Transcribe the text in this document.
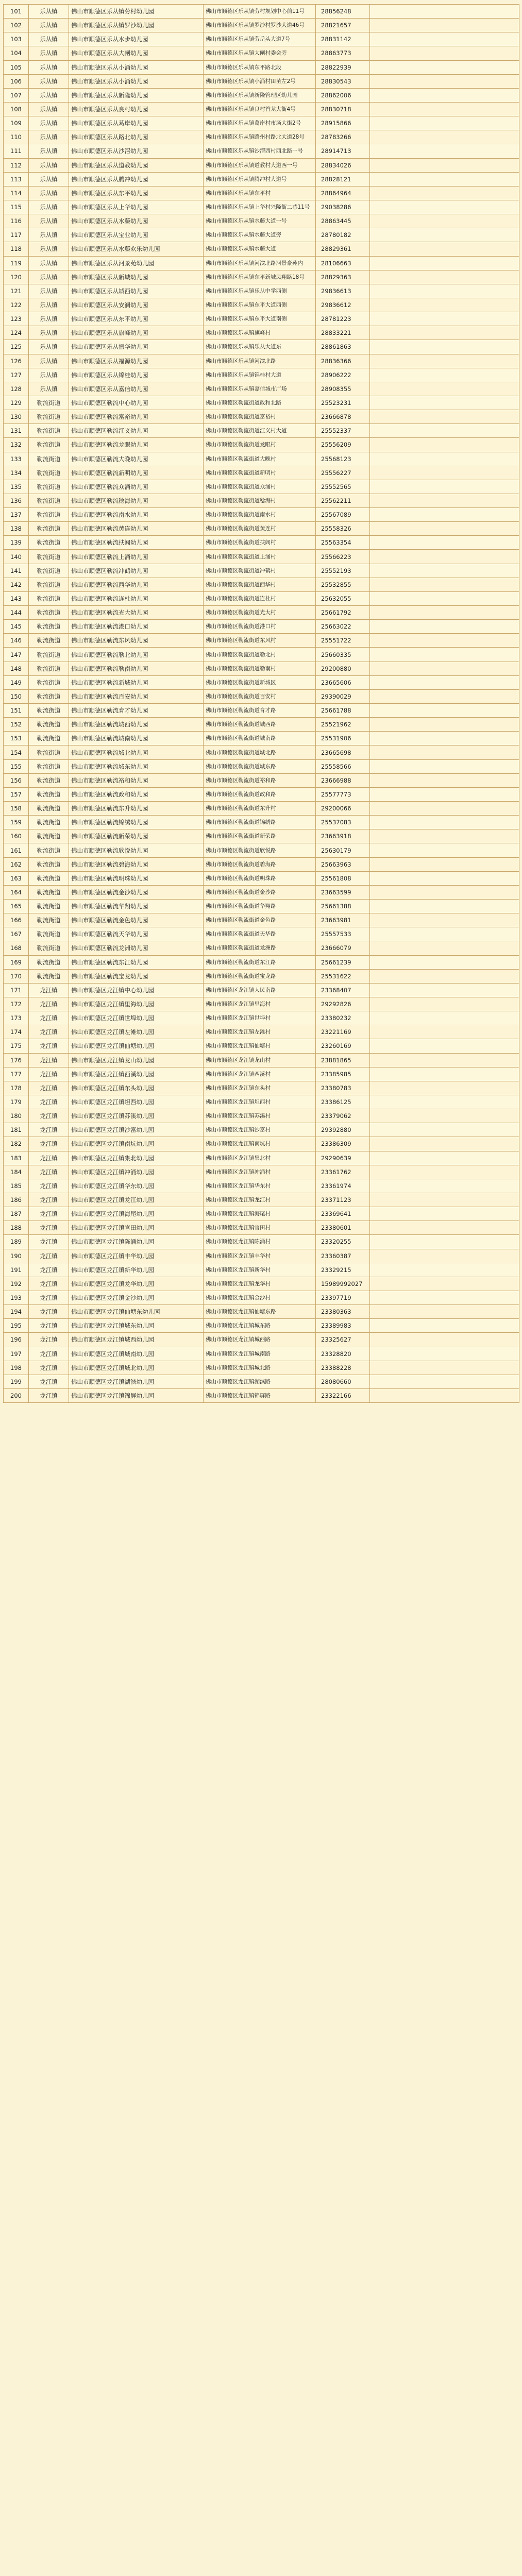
101	乐从镇	佛山市顺德区乐从镇劳村幼儿园	佛山市顺德区乐从镇劳村规划中心前11号	28856248	
102	乐从镇	佛山市顺德区乐从镇罗沙幼儿园	佛山市顺德区乐从镇罗沙村罗沙大道46号	28821657	
103	乐从镇	佛山市顺德区乐从水步幼儿园	佛山市顺德区乐从镇劳岳头大道7号	28831142	
104	乐从镇	佛山市顺德区乐从大闸幼儿园	佛山市顺德区乐从镇大闸村委会旁	28863773	
105	乐从镇	佛山市顺德区乐从小涌幼儿园	佛山市顺德区乐从镇东平路北段	28822939	
106	乐从镇	佛山市顺德区乐从小涌幼儿园	佛山市顺德区乐从镇小涌村田苗左2号	28830543	
107	乐从镇	佛山市顺德区乐从新隆幼儿园	佛山市顺德区乐从镇新隆管理区幼儿园	28862006	
108	乐从镇	佛山市顺德区乐从良村幼儿园	佛山市顺德区乐从镇良村首龙大街4号	28830718	
109	乐从镇	佛山市顺德区乐从葛岸幼儿园	佛山市顺德区乐从镇葛岸村市场大街2号	28915866	
110	乐从镇	佛山市顺德区乐从路北幼儿园	佛山市顺德区乐从镇路州村路北大道28号	28783266	
111	乐从镇	佛山市顺德区乐从沙滘幼儿园	佛山市顺德区乐从镇沙滘西村西北路一号	28914713	
112	乐从镇	佛山市顺德区乐从道教幼儿园	佛山市顺德区乐从镇道教村大道西一号	28834026	
113	乐从镇	佛山市顺德区乐从腾冲幼儿园	佛山市顺德区乐从镇腾冲村大道号	28828121	
114	乐从镇	佛山市顺德区乐从东平幼儿园	佛山市顺德区乐从镇东平村	28864964	
115	乐从镇	佛山市顺德区乐从上华幼儿园	佛山市顺德区乐从镇上华村兴隆街二巷11号	29038286	
116	乐从镇	佛山市顺德区乐从水藤幼儿园	佛山市顺德区乐从镇水藤大道一号	28863445	
117	乐从镇	佛山市顺德区乐从宝业幼儿园	佛山市顺德区乐从镇水藤大道旁	28780182	
118	乐从镇	佛山市顺德区乐从水藤欢乐幼儿园	佛山市顺德区乐从镇水藤大道	28829361	
119	乐从镇	佛山市顺德区乐从河景苑幼儿园	佛山市顺德区乐从镇河滨北路河景豪苑内	28106663	
120	乐从镇	佛山市顺德区乐从新城幼儿园	佛山市顺德区乐从镇东平新城凤翔路18号	28829363	
121	乐从镇	佛山市顺德区乐从城西幼儿园	佛山市顺德区乐从镇乐从中学西侧	29836613	
122	乐从镇	佛山市顺德区乐从安澜幼儿园	佛山市顺德区乐从镇东平大道西侧	29836612	
123	乐从镇	佛山市顺德区乐从东平幼儿园	佛山市顺德区乐从镇东平大道南侧	28781223	
124	乐从镇	佛山市顺德区乐从旗峰幼儿园	佛山市顺德区乐从镇旗峰村	28833221	
125	乐从镇	佛山市顺德区乐从振华幼儿园	佛山市顺德区乐从镇乐从大道东	28861863	
126	乐从镇	佛山市顺德区乐从福源幼儿园	佛山市顺德区乐从镇河滨北路	28836366	
127	乐从镇	佛山市顺德区乐从锦桂幼儿园	佛山市顺德区乐从镇锦桂村大道	28906222	
128	乐从镇	佛山市顺德区乐从嘉信幼儿园	佛山市顺德区乐从镇嘉信城市广场	28908355	
129	勒流街道	佛山市顺德区勒流中心幼儿园	佛山市顺德区勒流街道政和北路	25523231	
130	勒流街道	佛山市顺德区勒流富裕幼儿园	佛山市顺德区勒流街道富裕村	23666878	
131	勒流街道	佛山市顺德区勒流江义幼儿园	佛山市顺德区勒流街道江义村大道	25552337	
132	勒流街道	佛山市顺德区勒流龙眼幼儿园	佛山市顺德区勒流街道龙眼村	25556209	
133	勒流街道	佛山市顺德区勒流大晚幼儿园	佛山市顺德区勒流街道大晚村	25568123	
134	勒流街道	佛山市顺德区勒流新明幼儿园	佛山市顺德区勒流街道新明村	25556227	
135	勒流街道	佛山市顺德区勒流众涌幼儿园	佛山市顺德区勒流街道众涌村	25552565	
136	勒流街道	佛山市顺德区勒流稔海幼儿园	佛山市顺德区勒流街道稔海村	25562211	
137	勒流街道	佛山市顺德区勒流南水幼儿园	佛山市顺德区勒流街道南水村	25567089	
138	勒流街道	佛山市顺德区勒流黄连幼儿园	佛山市顺德区勒流街道黄连村	25558326	
139	勒流街道	佛山市顺德区勒流扶闾幼儿园	佛山市顺德区勒流街道扶闾村	25563354	
140	勒流街道	佛山市顺德区勒流上涌幼儿园	佛山市顺德区勒流街道上涌村	25566223	
141	勒流街道	佛山市顺德区勒流冲鹤幼儿园	佛山市顺德区勒流街道冲鹤村	25552193	
142	勒流街道	佛山市顺德区勒流西华幼儿园	佛山市顺德区勒流街道西华村	25532855	
143	勒流街道	佛山市顺德区勒流连杜幼儿园	佛山市顺德区勒流街道连杜村	25632055	
144	勒流街道	佛山市顺德区勒流光大幼儿园	佛山市顺德区勒流街道光大村	25661792	
145	勒流街道	佛山市顺德区勒流港口幼儿园	佛山市顺德区勒流街道港口村	25663022	
146	勒流街道	佛山市顺德区勒流东风幼儿园	佛山市顺德区勒流街道东风村	25551722	
147	勒流街道	佛山市顺德区勒流勒北幼儿园	佛山市顺德区勒流街道勒北村	25660335	
148	勒流街道	佛山市顺德区勒流勒南幼儿园	佛山市顺德区勒流街道勒南村	29200880	
149	勒流街道	佛山市顺德区勒流新城幼儿园	佛山市顺德区勒流街道新城区	23665606	
150	勒流街道	佛山市顺德区勒流百安幼儿园	佛山市顺德区勒流街道百安村	29390029	
151	勒流街道	佛山市顺德区勒流育才幼儿园	佛山市顺德区勒流街道育才路	25661788	
152	勒流街道	佛山市顺德区勒流城西幼儿园	佛山市顺德区勒流街道城西路	25521962	
153	勒流街道	佛山市顺德区勒流城南幼儿园	佛山市顺德区勒流街道城南路	25531906	
154	勒流街道	佛山市顺德区勒流城北幼儿园	佛山市顺德区勒流街道城北路	23665698	
155	勒流街道	佛山市顺德区勒流城东幼儿园	佛山市顺德区勒流街道城东路	25558566	
156	勒流街道	佛山市顺德区勒流裕和幼儿园	佛山市顺德区勒流街道裕和路	23666988	
157	勒流街道	佛山市顺德区勒流政和幼儿园	佛山市顺德区勒流街道政和路	25577773	
158	勒流街道	佛山市顺德区勒流东升幼儿园	佛山市顺德区勒流街道东升村	29200066	
159	勒流街道	佛山市顺德区勒流锦绣幼儿园	佛山市顺德区勒流街道锦绣路	25537083	
160	勒流街道	佛山市顺德区勒流新荣幼儿园	佛山市顺德区勒流街道新荣路	23663918	
161	勒流街道	佛山市顺德区勒流欣悦幼儿园	佛山市顺德区勒流街道欣悦路	25630179	
162	勒流街道	佛山市顺德区勒流碧海幼儿园	佛山市顺德区勒流街道碧海路	25663963	
163	勒流街道	佛山市顺德区勒流明珠幼儿园	佛山市顺德区勒流街道明珠路	25561808	
164	勒流街道	佛山市顺德区勒流金沙幼儿园	佛山市顺德区勒流街道金沙路	23663599	
165	勒流街道	佛山市顺德区勒流华翔幼儿园	佛山市顺德区勒流街道华翔路	25661388	
166	勒流街道	佛山市顺德区勒流金色幼儿园	佛山市顺德区勒流街道金色路	23663981	
167	勒流街道	佛山市顺德区勒流天华幼儿园	佛山市顺德区勒流街道天华路	25557533	
168	勒流街道	佛山市顺德区勒流龙洲幼儿园	佛山市顺德区勒流街道龙洲路	23666079	
169	勒流街道	佛山市顺德区勒流东江幼儿园	佛山市顺德区勒流街道东江路	25661239	
170	勒流街道	佛山市顺德区勒流宝龙幼儿园	佛山市顺德区勒流街道宝龙路	25531622	
171	龙江镇	佛山市顺德区龙江镇中心幼儿园	佛山市顺德区龙江镇人民南路	23368407	
172	龙江镇	佛山市顺德区龙江镇里海幼儿园	佛山市顺德区龙江镇里海村	29292826	
173	龙江镇	佛山市顺德区龙江镇世埠幼儿园	佛山市顺德区龙江镇世埠村	23380232	
174	龙江镇	佛山市顺德区龙江镇左滩幼儿园	佛山市顺德区龙江镇左滩村	23221169	
175	龙江镇	佛山市顺德区龙江镇仙塘幼儿园	佛山市顺德区龙江镇仙塘村	23260169	
176	龙江镇	佛山市顺德区龙江镇龙山幼儿园	佛山市顺德区龙江镇龙山村	23881865	
177	龙江镇	佛山市顺德区龙江镇西溪幼儿园	佛山市顺德区龙江镇西溪村	23385985	
178	龙江镇	佛山市顺德区龙江镇东头幼儿园	佛山市顺德区龙江镇东头村	23380783	
179	龙江镇	佛山市顺德区龙江镇坦西幼儿园	佛山市顺德区龙江镇坦西村	23386125	
180	龙江镇	佛山市顺德区龙江镇苏溪幼儿园	佛山市顺德区龙江镇苏溪村	23379062	
181	龙江镇	佛山市顺德区龙江镇沙富幼儿园	佛山市顺德区龙江镇沙富村	29392880	
182	龙江镇	佛山市顺德区龙江镇南坑幼儿园	佛山市顺德区龙江镇南坑村	23386309	
183	龙江镇	佛山市顺德区龙江镇集北幼儿园	佛山市顺德区龙江镇集北村	29290639	
184	龙江镇	佛山市顺德区龙江镇冲涌幼儿园	佛山市顺德区龙江镇冲涌村	23361762	
185	龙江镇	佛山市顺德区龙江镇华东幼儿园	佛山市顺德区龙江镇华东村	23361974	
186	龙江镇	佛山市顺德区龙江镇龙江幼儿园	佛山市顺德区龙江镇龙江村	23371123	
187	龙江镇	佛山市顺德区龙江镇海尾幼儿园	佛山市顺德区龙江镇海尾村	23369641	
188	龙江镇	佛山市顺德区龙江镇官田幼儿园	佛山市顺德区龙江镇官田村	23380601	
189	龙江镇	佛山市顺德区龙江镇陈涌幼儿园	佛山市顺德区龙江镇陈涌村	23320255	
190	龙江镇	佛山市顺德区龙江镇丰华幼儿园	佛山市顺德区龙江镇丰华村	23360387	
191	龙江镇	佛山市顺德区龙江镇新华幼儿园	佛山市顺德区龙江镇新华村	23329215	
192	龙江镇	佛山市顺德区龙江镇龙华幼儿园	佛山市顺德区龙江镇龙华村	15989992027	
193	龙江镇	佛山市顺德区龙江镇金沙幼儿园	佛山市顺德区龙江镇金沙村	23397719	
194	龙江镇	佛山市顺德区龙江镇仙塘东幼儿园	佛山市顺德区龙江镇仙塘东路	23380363	
195	龙江镇	佛山市顺德区龙江镇城东幼儿园	佛山市顺德区龙江镇城东路	23389983	
196	龙江镇	佛山市顺德区龙江镇城西幼儿园	佛山市顺德区龙江镇城西路	23325627	
197	龙江镇	佛山市顺德区龙江镇城南幼儿园	佛山市顺德区龙江镇城南路	23328820	
198	龙江镇	佛山市顺德区龙江镇城北幼儿园	佛山市顺德区龙江镇城北路	23388228	
199	龙江镇	佛山市顺德区龙江镇湖滨幼儿园	佛山市顺德区龙江镇湖滨路	28080660	
200	龙江镇	佛山市顺德区龙江镇锦屏幼儿园	佛山市顺德区龙江镇锦屏路	23322166	
